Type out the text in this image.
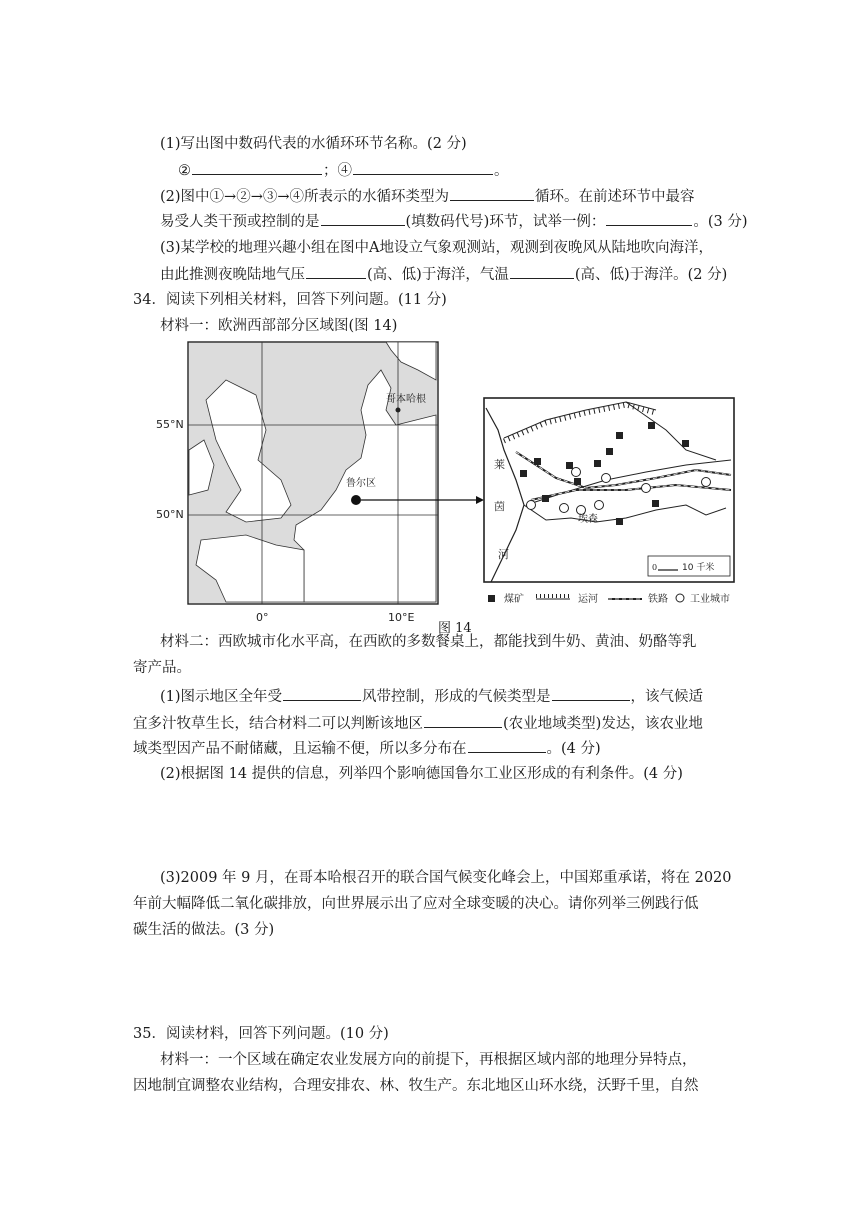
(1)写出图中数码代表的水循环环节名称。(2 分)
②	；④	。
(2)图中①→②→③→④所表示的水循环类型为	循环。在前述环节中最容
易受人类干预或控制的是	(填数码代号)环节，试举一例：	。(3 分)
(3)某学校的地理兴趣小组在图中A地设立气象观测站，观测到夜晚风从陆地吹向海洋，
由此推测夜晚陆地气压	(高、低)于海洋，气温	(高、低)于海洋。(2 分)
34．阅读下列相关材料，回答下列问题。(11 分)
材料一：欧洲西部部分区域图(图 14)
哥本哈根
鲁尔区
55°N
50°N
0°	10°E
莱
茵
河
埃森
0	10 千米
煤矿	运河	铁路 工业城市
图 14
材料二：西欧城市化水平高，在西欧的多数餐桌上，都能找到牛奶、黄油、奶酪等乳
寄产品。
(1)图示地区全年受	风带控制，形成的气候类型是	，该气候适
宜多汁牧草生长，结合材料二可以判断该地区	(农业地域类型)发达，该农业地
域类型因产品不耐储藏，且运输不便，所以多分布在	。(4 分)
(2)根据图 14 提供的信息，列举四个影响德国鲁尔工业区形成的有利条件。(4 分)
(3)2009 年 9 月，在哥本哈根召开的联合国气候变化峰会上，中国郑重承诺，将在 2020
年前大幅降低二氧化碳排放，向世界展示出了应对全球变暖的决心。请你列举三例践行低
碳生活的做法。(3 分)
35．阅读材料，回答下列问题。(10 分)
材料一：一个区域在确定农业发展方向的前提下，再根据区域内部的地理分异特点，
因地制宜调整农业结构，合理安排农、林、牧生产。东北地区山环水绕，沃野千里，自然
